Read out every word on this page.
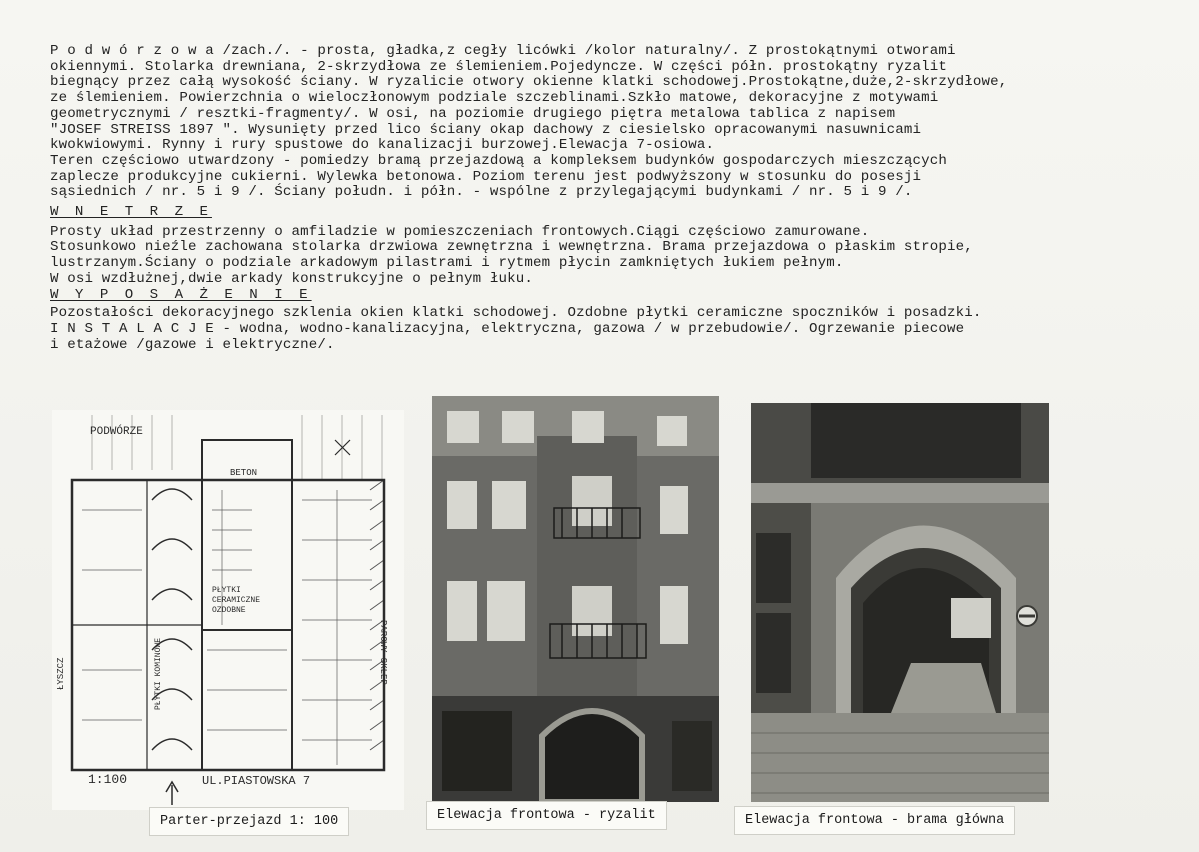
P o d w ó r z o w a /zach./. - prosta, gładka,z cegły licówki /kolor naturalny/. Z prostokątnymi otworami
okiennymi. Stolarka drewniana, 2-skrzydłowa ze ślemieniem.Pojedyncze. W części półn. prostokątny ryzalit
biegnący przez całą wysokość ściany. W ryzalicie otwory okienne klatki schodowej.Prostokątne,duże,2-skrzydłowe,
ze ślemieniem. Powierzchnia o wieloczłonowym podziale szczeblinami.Szkło matowe, dekoracyjne z motywami
geometrycznymi / resztki-fragmenty/. W osi, na poziomie drugiego piętra metalowa tablica z napisem
"JOSEF STREISS 1897 ". Wysunięty przed lico ściany okap dachowy z ciesielsko opracowanymi nasuwnicami
kwokwiowymi. Rynny i rury spustowe do kanalizacji burzowej.Elewacja 7-osiowa.
Teren częściowo utwardzony - pomiedzy bramą przejazdową a kompleksem budynków gospodarczych mieszczących
zaplecze produkcyjne cukierni. Wylewka betonowa. Poziom terenu jest podwyższony w stosunku do posesji
sąsiednich / nr. 5 i 9 /. Ściany połudn. i półn. - wspólne z przylegającymi budynkami / nr. 5 i 9 /.
W N E T R Z E
Prosty układ przestrzenny o amfiladzie w pomieszczeniach frontowych.Ciągi częściowo zamurowane.
Stosunkowo nieźle zachowana stolarka drzwiowa zewnętrzna i wewnętrzna. Brama przejazdowa o płaskim stropie,
lustrzanym.Ściany o podziale arkadowym pilastrami i rytmem płycin zamkniętych łukiem pełnym.
W osi wzdłużnej,dwie arkady konstrukcyjne o pełnym łuku.
W Y P O S A Ż E N I E
Pozostałości dekoracyjnego szklenia okien klatki schodowej. Ozdobne płytki ceramiczne spoczników i posadzki.
I N S T A L A C J E - wodna, wodno-kanalizacyjna, elektryczna, gazowa / w przebudowie/. Ogrzewanie piecowe
i etażowe /gazowe i elektryczne/.
PODWÓRZE
BETON
PŁYTKI CERAMICZNE OZDOBNE
PŁYTKI KOMINOWE
ŁYSZCZ	PAROWY SKLEP
1:100	UL.PIASTOWSKA 7
Parter-przejazd 1: 100	Elewacja frontowa - ryzalit	Elewacja frontowa - brama główna
